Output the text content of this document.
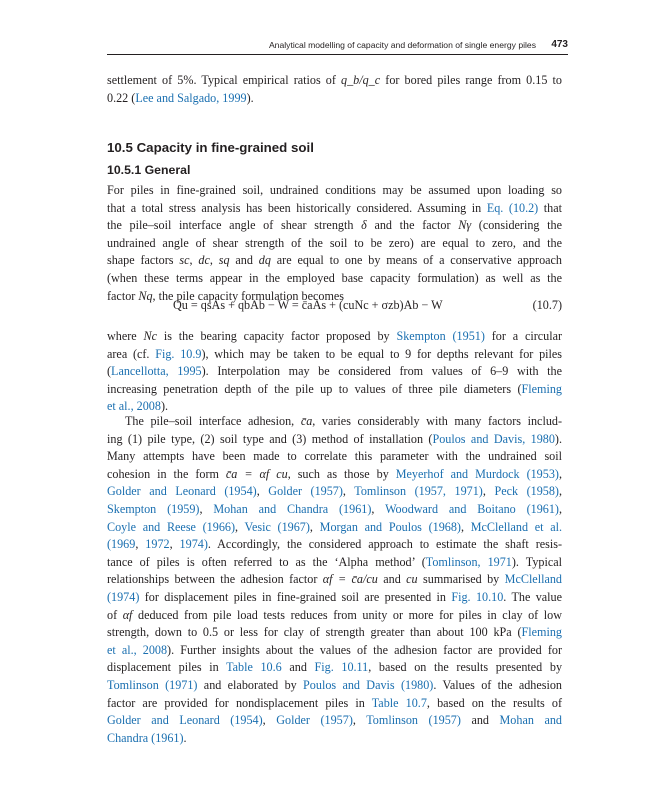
Analytical modelling of capacity and deformation of single energy piles 473

settlement of 5%. Typical empirical ratios of q_b/q_c for bored piles range from 0.15 to

0.22 (Lee and Salgado, 1999).

10.5 Capacity in fine-grained soil
10.5.1 General

For piles in fine-grained soil, undrained conditions may be assumed upon loading so

that a total stress analysis has been historically considered. Assuming in Eq. (10.2) that

the pile–soil interface angle of shear strength δ and the factor Nγ (considering the

undrained angle of shear strength of the soil to be zero) are equal to zero, and the

shape factors sc, dc, sq and dq are equal to one by means of a conservative approach

(when these terms appear in the employed base capacity formulation) as well as the

factor Nq, the pile capacity formulation becomes

Qu = qsAs + qbAb − W = c̄aAs + (cuNc + σzb)Ab − W	(10.7)

where Nc is the bearing capacity factor proposed by Skempton (1951) for a circular

area (cf. Fig. 10.9), which may be taken to be equal to 9 for depths relevant for piles

(Lancellotta, 1995). Interpolation may be considered from values of 6–9 with the

increasing penetration depth of the pile up to values of three pile diameters (Fleming

et al., 2008).

The pile–soil interface adhesion, c̄a, varies considerably with many factors includ-

ing (1) pile type, (2) soil type and (3) method of installation (Poulos and Davis, 1980).

Many attempts have been made to correlate this parameter with the undrained soil

cohesion in the form c̄a = αf cu, such as those by Meyerhof and Murdock (1953),

Golder and Leonard (1954), Golder (1957), Tomlinson (1957, 1971), Peck (1958),

Skempton (1959), Mohan and Chandra (1961), Woodward and Boitano (1961),

Coyle and Reese (1966), Vesic (1967), Morgan and Poulos (1968), McClelland et al.

(1969, 1972, 1974). Accordingly, the considered approach to estimate the shaft resis-

tance of piles is often referred to as the ‘Alpha method’ (Tomlinson, 1971). Typical

relationships between the adhesion factor αf = c̄a/cu and cu summarised by McClelland

(1974) for displacement piles in fine-grained soil are presented in Fig. 10.10. The value

of αf deduced from pile load tests reduces from unity or more for piles in clay of low

strength, down to 0.5 or less for clay of strength greater than about 100 kPa (Fleming

et al., 2008). Further insights about the values of the adhesion factor are provided for

displacement piles in Table 10.6 and Fig. 10.11, based on the results presented by

Tomlinson (1971) and elaborated by Poulos and Davis (1980). Values of the adhesion

factor are provided for nondisplacement piles in Table 10.7, based on the results of

Golder and Leonard (1954), Golder (1957), Tomlinson (1957) and Mohan and

Chandra (1961).
